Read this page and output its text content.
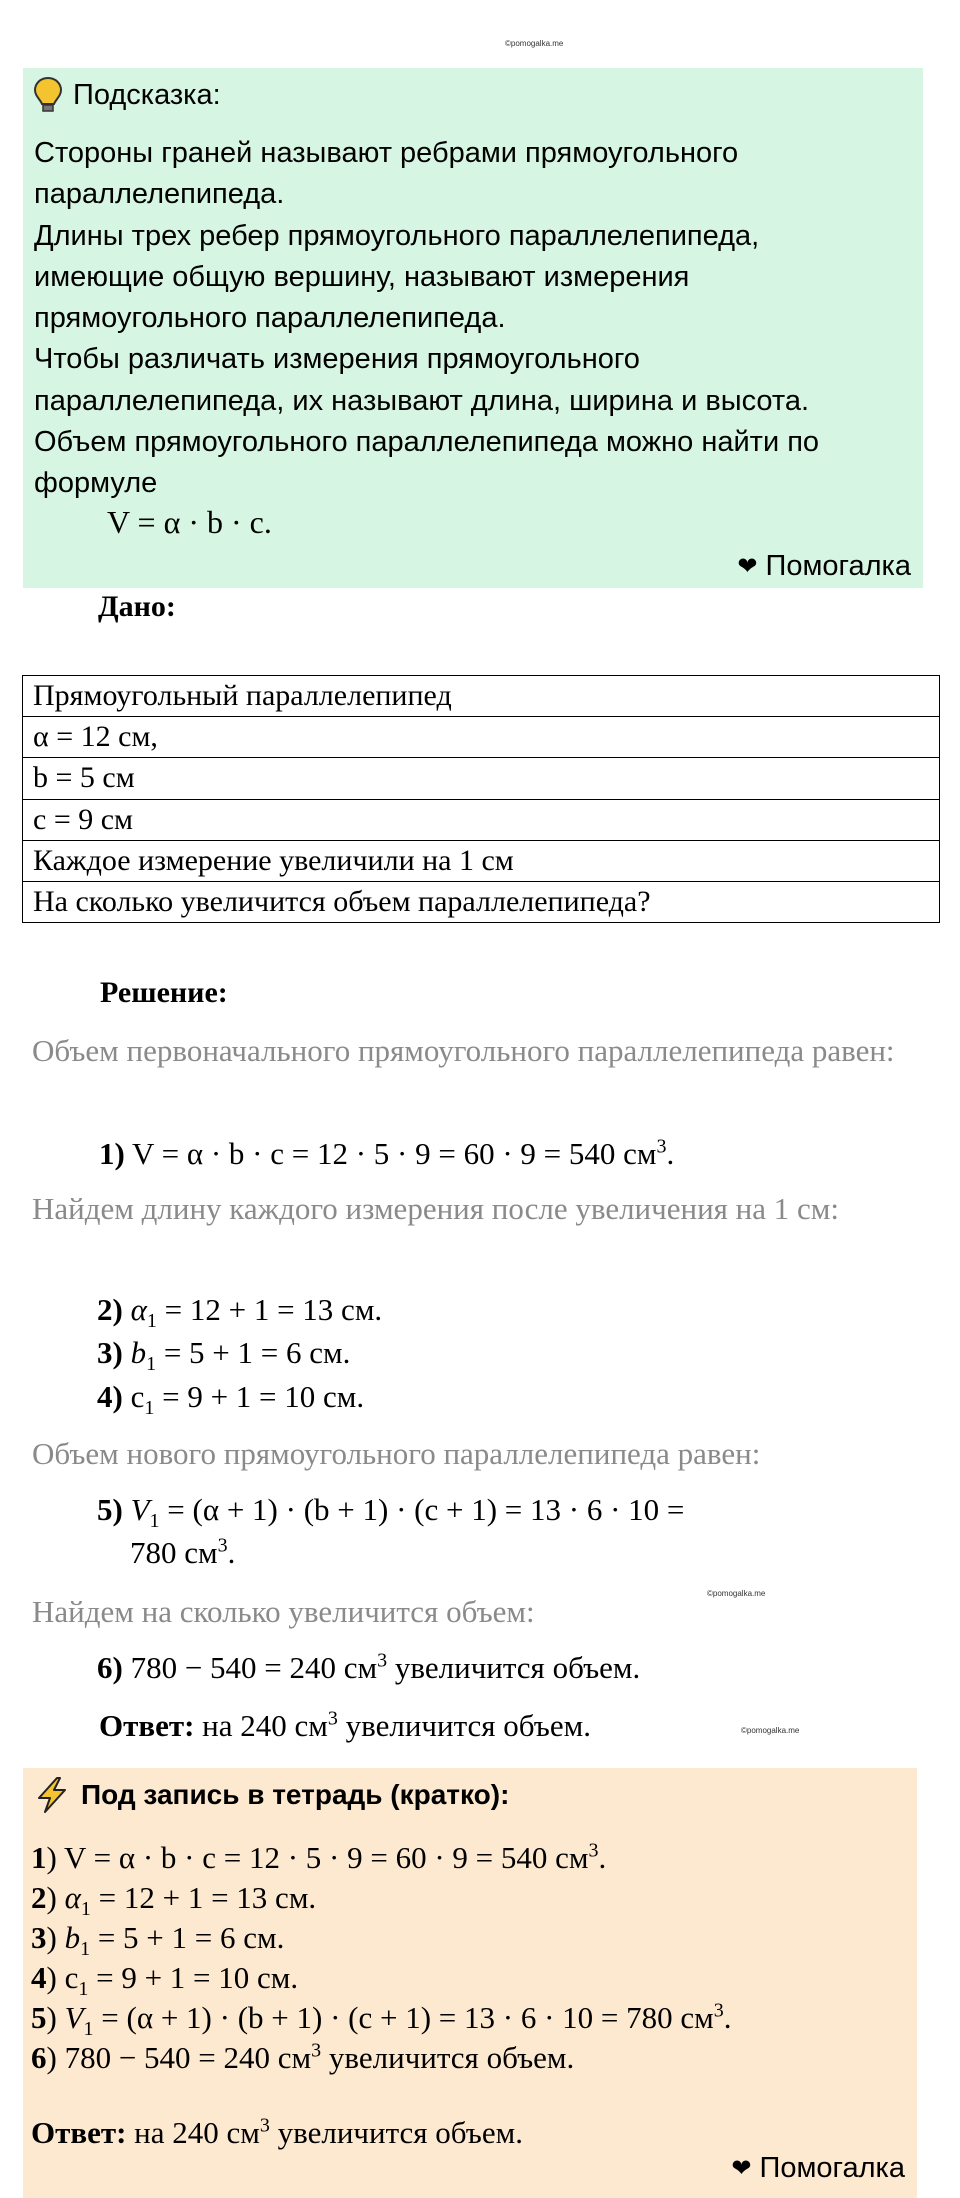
©pomogalka.me
Подсказка:

Стороны граней называют ребрами прямоугольного

параллелепипеда.

Длины трех ребер прямоугольного параллелепипеда,

имеющие общую вершину, называют измерения

прямоугольного параллелепипеда.

Чтобы различать измерения прямоугольного

параллелепипеда, их называют длина, ширина и высота.

Объем прямоугольного параллелепипеда можно найти по

формуле

V = α · b · c.
❤ Помогалка
Дано:
Прямоугольный параллелепипед
α = 12 см,
b = 5 см
c = 9 см
Каждое измерение увеличили на 1 см
На сколько увеличится объем параллелепипеда?
Решение:
Объем первоначального прямоугольного параллелепипеда равен:
1) V = α · b · c = 12 · 5 · 9 = 60 · 9 = 540 $см^3$.
Найдем длину каждого измерения после увеличения на 1 см:
2) $\alpha_1 = 12 + 1 = 13$ см.
3) $b_1 = 5 + 1 = 6$ см.
4) $c_1 = 9 + 1 = 10$ см.
Объем нового прямоугольного параллелепипеда равен:
5) $V_1 = (\alpha + 1) \cdot (b + 1) \cdot (c + 1) = 13 \cdot 6 \cdot 10$ =
780 $см^3$.
©pomogalka.me
Найдем на сколько увеличится объем:
6) 780 − 540 = 240 $см^3$ увеличится объем.
Ответ: на 240 $см^3$ увеличится объем.	©pomogalka.me
Под запись в тетрадь (кратко):
1) V = α · b · c = 12 · 5 · 9 = 60 · 9 = 540 $см^3$.
2) $\alpha_1 = 12 + 1 = 13$ см.
3) $b_1 = 5 + 1 = 6$ см.
4) $c_1 = 9 + 1 = 10$ см.
5) $V_1 = (\alpha + 1) \cdot (b + 1) \cdot (c + 1) = 13 \cdot 6 \cdot 10 = 780$ $см^3$.
6) 780 − 540 = 240 $см^3$ увеличится объем.
Ответ: на 240 $см^3$ увеличится объем.
❤ Помогалка
